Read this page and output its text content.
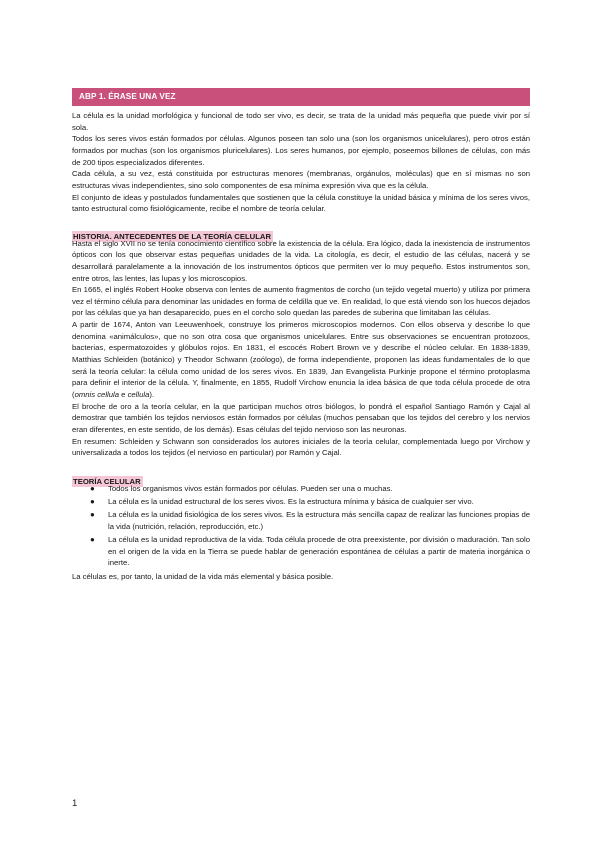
ABP 1. ÉRASE UNA VEZ

La célula es la unidad morfológica y funcional de todo ser vivo, es decir, se trata de la unidad más pequeña que puede vivir por sí sola.

Todos los seres vivos están formados por células. Algunos poseen tan solo una (son los organismos unicelulares), pero otros están formados por muchas (son los organismos pluricelulares). Los seres humanos, por ejemplo, poseemos billones de células, con más de 200 tipos especializados diferentes.

Cada célula, a su vez, está constituida por estructuras menores (membranas, orgánulos, moléculas) que en sí mismas no son estructuras vivas independientes, sino solo componentes de esa mínima expresión viva que es la célula.

El conjunto de ideas y postulados fundamentales que sostienen que la célula constituye la unidad básica y mínima de los seres vivos, tanto estructural como fisiológicamente, recibe el nombre de teoría celular.

HISTORIA. ANTECEDENTES DE LA TEORÍA CELULAR

Hasta el siglo XVII no se tenía conocimiento científico sobre la existencia de la célula. Era lógico, dada la inexistencia de instrumentos ópticos con los que observar estas pequeñas unidades de la vida. La citología, es decir, el estudio de las células, nacerá y se desarrollará paralelamente a la innovación de los instrumentos ópticos que permiten ver lo muy pequeño. Estos instrumentos son, entre otros, las lentes, las lupas y los microscopios.

En 1665, el inglés Robert Hooke observa con lentes de aumento fragmentos de corcho (un tejido vegetal muerto) y utiliza por primera vez el término célula para denominar las unidades en forma de celdilla que ve. En realidad, lo que está viendo son los huecos dejados por las células que ya han desaparecido, pues en el corcho solo quedan las paredes de suberina que limitaban las células.

A partir de 1674, Anton van Leeuwenhoek, construye los primeros microscopios modernos. Con ellos observa y describe lo que denomina «animálculos», que no son otra cosa que organismos unicelulares. Entre sus observaciones se encuentran protozoos, bacterias, espermatozoides y glóbulos rojos. En 1831, el escocés Robert Brown ve y describe el núcleo celular. En 1838-1839, Matthias Schleiden (botánico) y Theodor Schwann (zoólogo), de forma independiente, proponen las ideas fundamentales de lo que será la teoría celular: la célula como unidad de los seres vivos. En 1839, Jan Evangelista Purkinje propone el término protoplasma para definir el interior de la célula. Y, finalmente, en 1855, Rudolf Virchow enuncia la idea básica de que toda célula procede de otra (omnis cellula e cellula).

El broche de oro a la teoría celular, en la que participan muchos otros biólogos, lo pondrá el español Santiago Ramón y Cajal al demostrar que también los tejidos nerviosos están formados por células (muchos pensaban que los tejidos del cerebro y los nervios eran diferentes, en este sentido, de los demás). Esas células del tejido nervioso son las neuronas.

En resumen: Schleiden y Schwann son considerados los autores iniciales de la teoría celular, complementada luego por Virchow y universalizada a todos los tejidos (el nervioso en particular) por Ramón y Cajal.

TEORÍA CELULAR
● Todos los organismos vivos están formados por células. Pueden ser una o muchas.
● La célula es la unidad estructural de los seres vivos. Es la estructura mínima y básica de cualquier ser vivo.
● La célula es la unidad fisiológica de los seres vivos. Es la estructura más sencilla capaz de realizar las funciones propias de la vida (nutrición, relación, reproducción, etc.)
● La célula es la unidad reproductiva de la vida. Toda célula procede de otra preexistente, por división o maduración. Tan solo en el origen de la vida en la Tierra se puede hablar de generación espontánea de células a partir de materia inorgánica o inerte.

La células es, por tanto, la unidad de la vida más elemental y básica posible.

1
